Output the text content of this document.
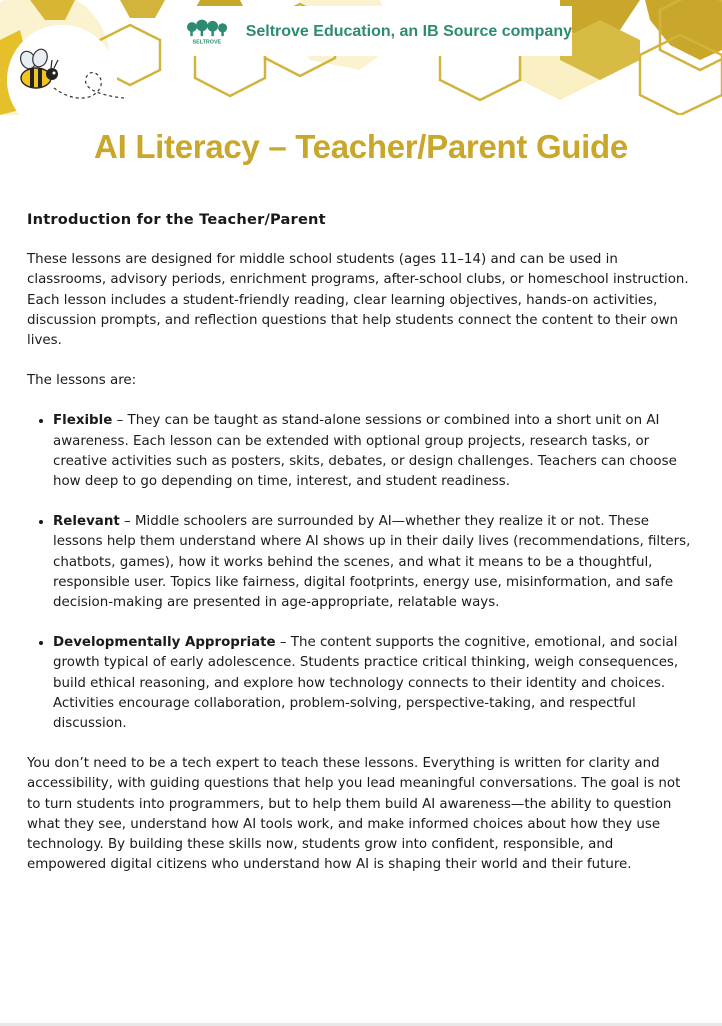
SELTROVE
Seltrove Education, an IB Source company
AI Literacy – Teacher/Parent Guide
Introduction for the Teacher/Parent

These lessons are designed for middle school students (ages 11–14) and can be used in classrooms, advisory periods, enrichment programs, after-school clubs, or homeschool instruction. Each lesson includes a student-friendly reading, clear learning objectives, hands-on activities, discussion prompts, and reflection questions that help students connect the content to their own lives.

The lessons are:

• Flexible – They can be taught as stand-alone sessions or combined into a short unit on AI awareness. Each lesson can be extended with optional group projects, research tasks, or creative activities such as posters, skits, debates, or design challenges. Teachers can choose how deep to go depending on time, interest, and student readiness.
• Relevant – Middle schoolers are surrounded by AI—whether they realize it or not. These lessons help them understand where AI shows up in their daily lives (recommendations, filters, chatbots, games), how it works behind the scenes, and what it means to be a thoughtful, responsible user. Topics like fairness, digital footprints, energy use, misinformation, and safe decision-making are presented in age-appropriate, relatable ways.
• Developmentally Appropriate – The content supports the cognitive, emotional, and social growth typical of early adolescence. Students practice critical thinking, weigh consequences, build ethical reasoning, and explore how technology connects to their identity and choices. Activities encourage collaboration, problem-solving, perspective-taking, and respectful discussion.

You don’t need to be a tech expert to teach these lessons. Everything is written for clarity and accessibility, with guiding questions that help you lead meaningful conversations. The goal is not to turn students into programmers, but to help them build AI awareness—the ability to question what they see, understand how AI tools work, and make informed choices about how they use technology. By building these skills now, students grow into confident, responsible, and empowered digital citizens who understand how AI is shaping their world and their future.
